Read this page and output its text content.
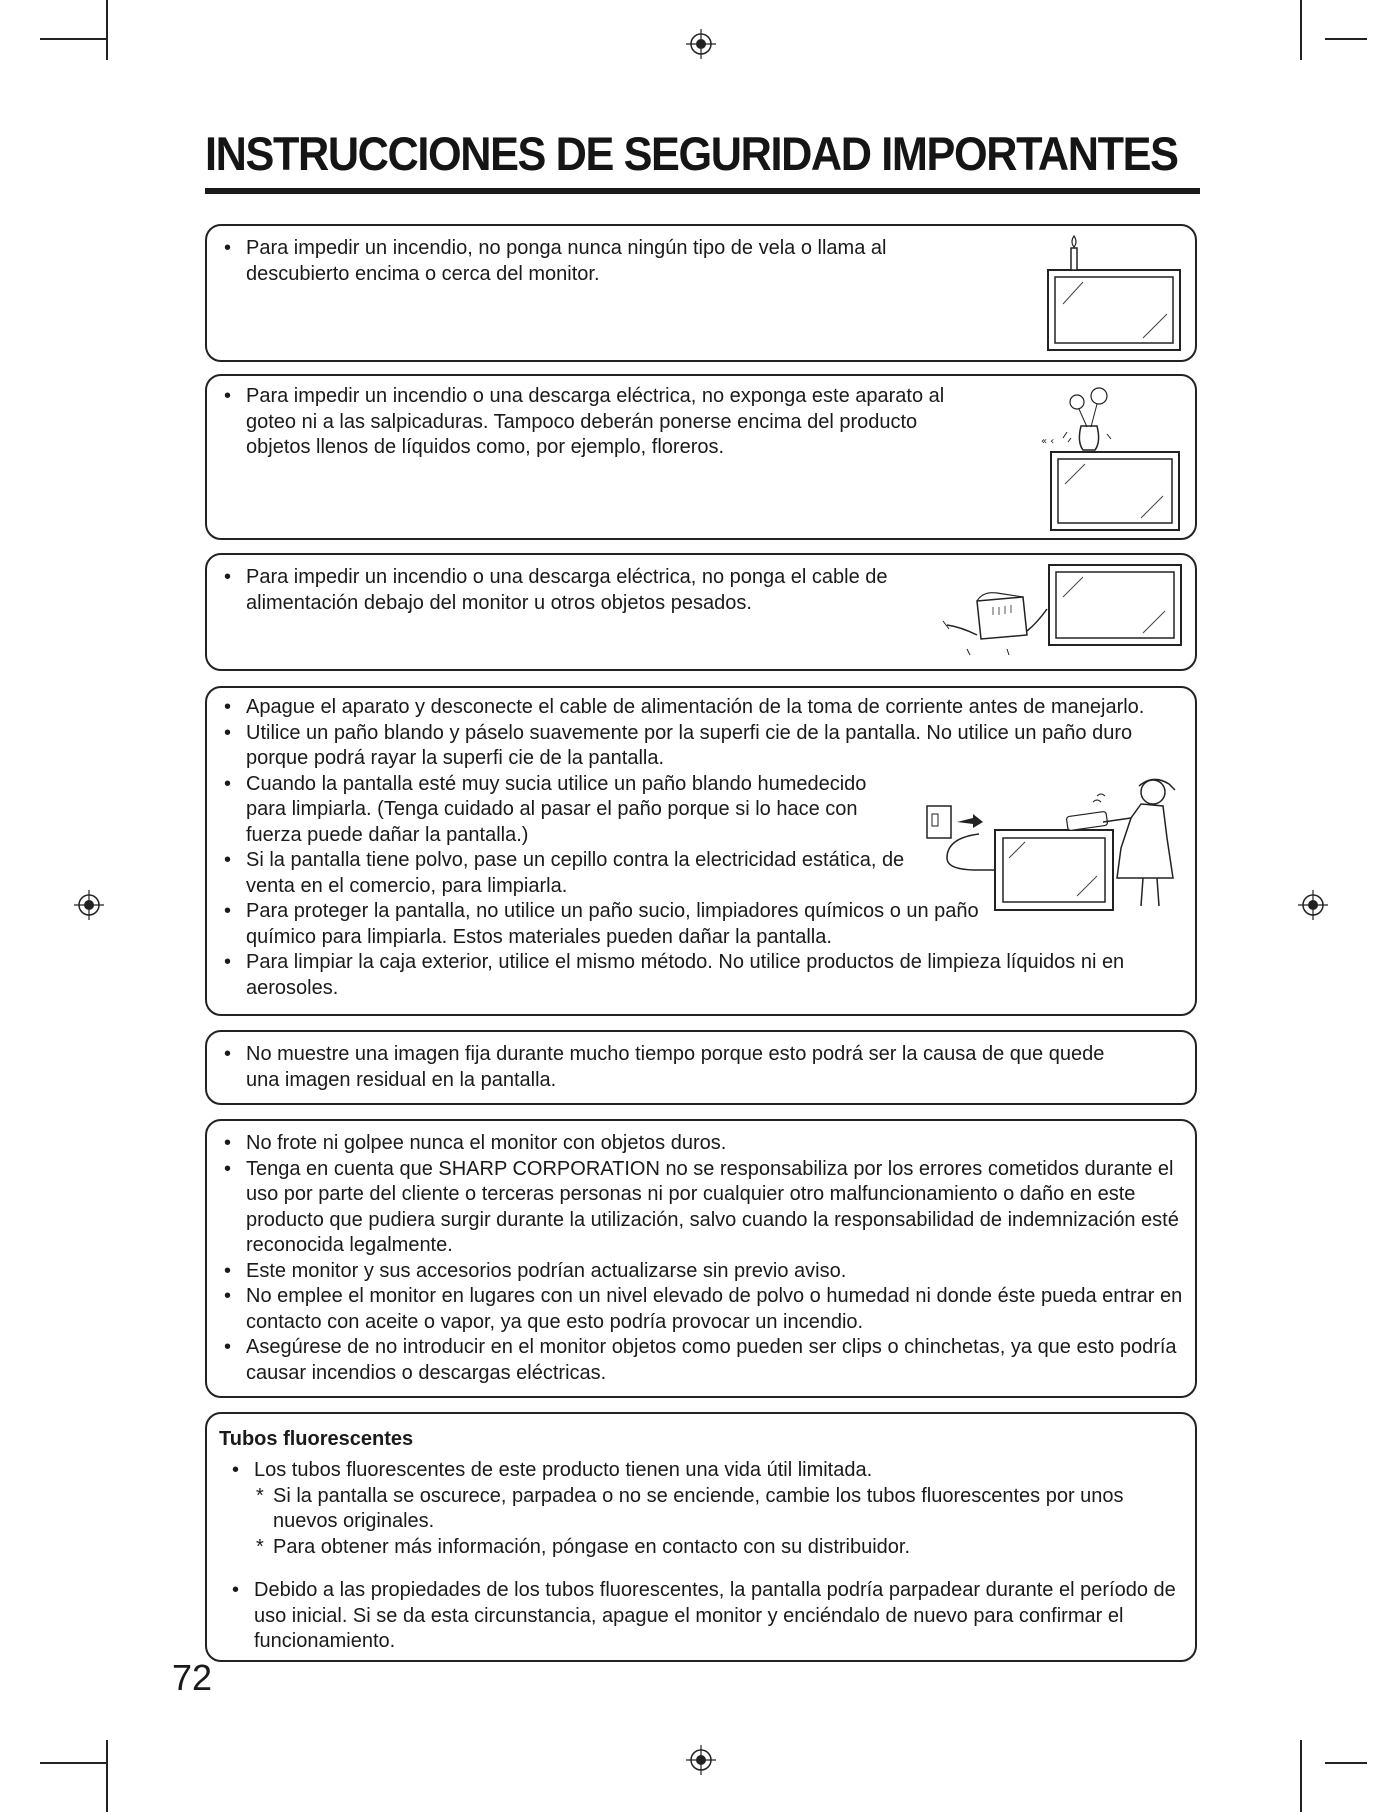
INSTRUCCIONES DE SEGURIDAD IMPORTANTES
• Para impedir un incendio, no ponga nunca ningún tipo de vela o llama al descubierto encima o cerca del monitor.
• Para impedir un incendio o una descarga eléctrica, no exponga este aparato al goteo ni a las salpicaduras. Tampoco deberán ponerse encima del producto objetos llenos de líquidos como, por ejemplo, floreros.	« ‹
• Para impedir un incendio o una descarga eléctrica, no ponga el cable de alimentación debajo del monitor u otros objetos pesados.
• Apague el aparato y desconecte el cable de alimentación de la toma de corriente antes de manejarlo.
• Utilice un paño blando y páselo suavemente por la superfi cie de la pantalla. No utilice un paño duro porque podrá rayar la superfi cie de la pantalla.
• Cuando la pantalla esté muy sucia utilice un paño blando humedecido para limpiarla. (Tenga cuidado al pasar el paño porque si lo hace con fuerza puede dañar la pantalla.)
• Si la pantalla tiene polvo, pase un cepillo contra la electricidad estática, de venta en el comercio, para limpiarla.
• Para proteger la pantalla, no utilice un paño sucio, limpiadores químicos o un paño químico para limpiarla. Estos materiales pueden dañar la pantalla.
• Para limpiar la caja exterior, utilice el mismo método. No utilice productos de limpieza líquidos ni en aerosoles.
• No muestre una imagen fija durante mucho tiempo porque esto podrá ser la causa de que quede una imagen residual en la pantalla.
• No frote ni golpee nunca el monitor con objetos duros.
• Tenga en cuenta que SHARP CORPORATION no se responsabiliza por los errores cometidos durante el uso por parte del cliente o terceras personas ni por cualquier otro malfuncionamiento o daño en este producto que pudiera surgir durante la utilización, salvo cuando la responsabilidad de indemnización esté reconocida legalmente.
• Este monitor y sus accesorios podrían actualizarse sin previo aviso.
• No emplee el monitor en lugares con un nivel elevado de polvo o humedad ni donde éste pueda entrar en contacto con aceite o vapor, ya que esto podría provocar un incendio.
• Asegúrese de no introducir en el monitor objetos como pueden ser clips o chinchetas, ya que esto podría causar incendios o descargas eléctricas.
Tubos fluorescentes
• Los tubos fluorescentes de este producto tienen una vida útil limitada.
* Si la pantalla se oscurece, parpadea o no se enciende, cambie los tubos fluorescentes por unos nuevos originales.
* Para obtener más información, póngase en contacto con su distribuidor.
• Debido a las propiedades de los tubos fluorescentes, la pantalla podría parpadear durante el período de uso inicial. Si se da esta circunstancia, apague el monitor y enciéndalo de nuevo para confirmar el funcionamiento.
72
